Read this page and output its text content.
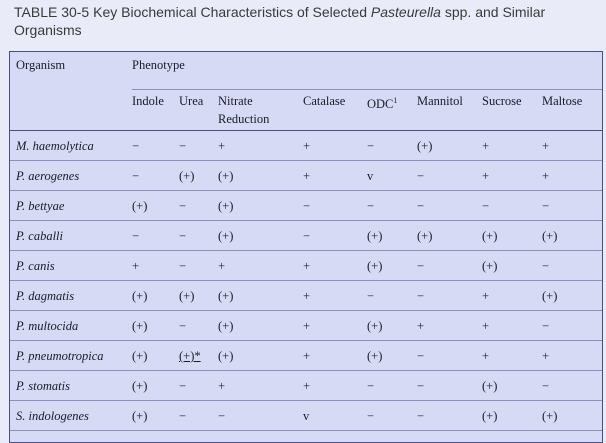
TABLE 30-5 Key Biochemical Characteristics of Selected Pasteurella spp. and Similar Organisms
Organism	Phenotype							
	Indole	Urea	Nitrate
Reduction	Catalase	ODC$^1$	Mannitol	Sucrose	Maltose
M. haemolytica	−	−	+	+	−	(+)	+	+
P. aerogenes	−	(+)	(+)	+	v	−	+	+
P. bettyae	(+)	−	(+)	−	−	−	−	−
P. caballi	−	−	(+)	−	(+)	(+)	(+)	(+)
P. canis	+	−	+	+	(+)	−	(+)	−
P. dagmatis	(+)	(+)	(+)	+	−	−	+	(+)
P. multocida	(+)	−	(+)	+	(+)	+	+	−
P. pneumotropica	(+)	(+)*	(+)	+	(+)	−	+	+
P. stomatis	(+)	−	+	+	−	−	(+)	−
S. indologenes	(+)	−	−	v	−	−	(+)	(+)
